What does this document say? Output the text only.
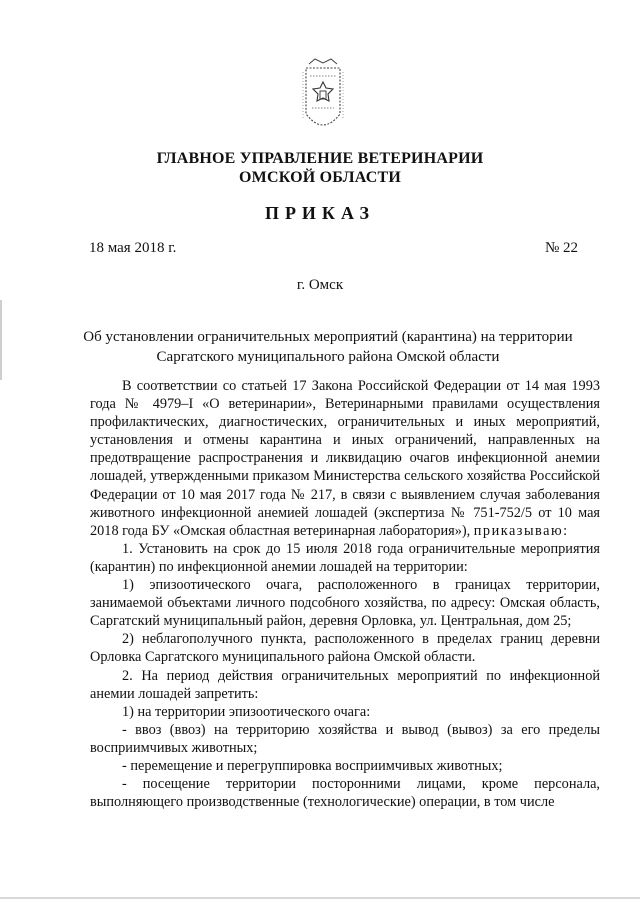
ГЛАВНОЕ УПРАВЛЕНИЕ ВЕТЕРИНАРИИ
ОМСКОЙ ОБЛАСТИ
ПРИКАЗ
18 мая 2018 г.	№ 22
г. Омск
Об установлении ограничительных мероприятий (карантина) на территории
Саргатского муниципального района Омской области

В соответствии со статьей 17 Закона Российской Федерации от 14 мая 1993 года № 4979–I «О ветеринарии», Ветеринарными правилами осуществления профилактических, диагностических, ограничительных и иных мероприятий, установления и отмены карантина и иных ограничений, направленных на предотвращение распространения и ликвидацию очагов инфекционной анемии лошадей, утвержденными приказом Министерства сельского хозяйства Российской Федерации от 10 мая 2017 года № 217, в связи с выявлением случая заболевания животного инфекционной анемией лошадей (экспертиза № 751-752/5 от 10 мая 2018 года БУ «Омская областная ветеринарная лаборатория»), приказываю:

1. Установить на срок до 15 июля 2018 года ограничительные мероприятия (карантин) по инфекционной анемии лошадей на территории:

1) эпизоотического очага, расположенного в границах территории, занимаемой объектами личного подсобного хозяйства, по адресу: Омская область, Саргатский муниципальный район, деревня Орловка, ул. Центральная, дом 25;

2) неблагополучного пункта, расположенного в пределах границ деревни Орловка Саргатского муниципального района Омской области.

2. На период действия ограничительных мероприятий по инфекционной анемии лошадей запретить:

1) на территории эпизоотического очага:

- ввоз (ввоз) на территорию хозяйства и вывод (вывоз) за его пределы восприимчивых животных;

- перемещение и перегруппировка восприимчивых животных;

- посещение территории посторонними лицами, кроме персонала, выполняющего производственные (технологические) операции, в том числе
